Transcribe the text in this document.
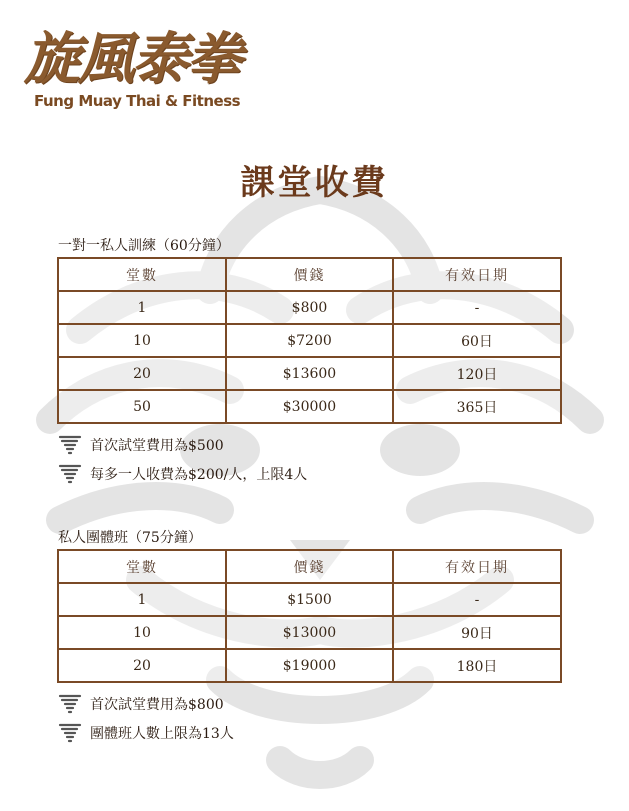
旋風泰拳
Fung Muay Thai & Fitness
課堂收費
一對一私人訓練（60分鐘）
堂數	價錢	有效日期
1	$800	-
10	$7200	60日
20	$13600	120日
50	$30000	365日
首次試堂費用為$500
每多一人收費為$200/人，上限4人
私人團體班（75分鐘）
堂數	價錢	有效日期
1	$1500	-
10	$13000	90日
20	$19000	180日
首次試堂費用為$800
團體班人數上限為13人
